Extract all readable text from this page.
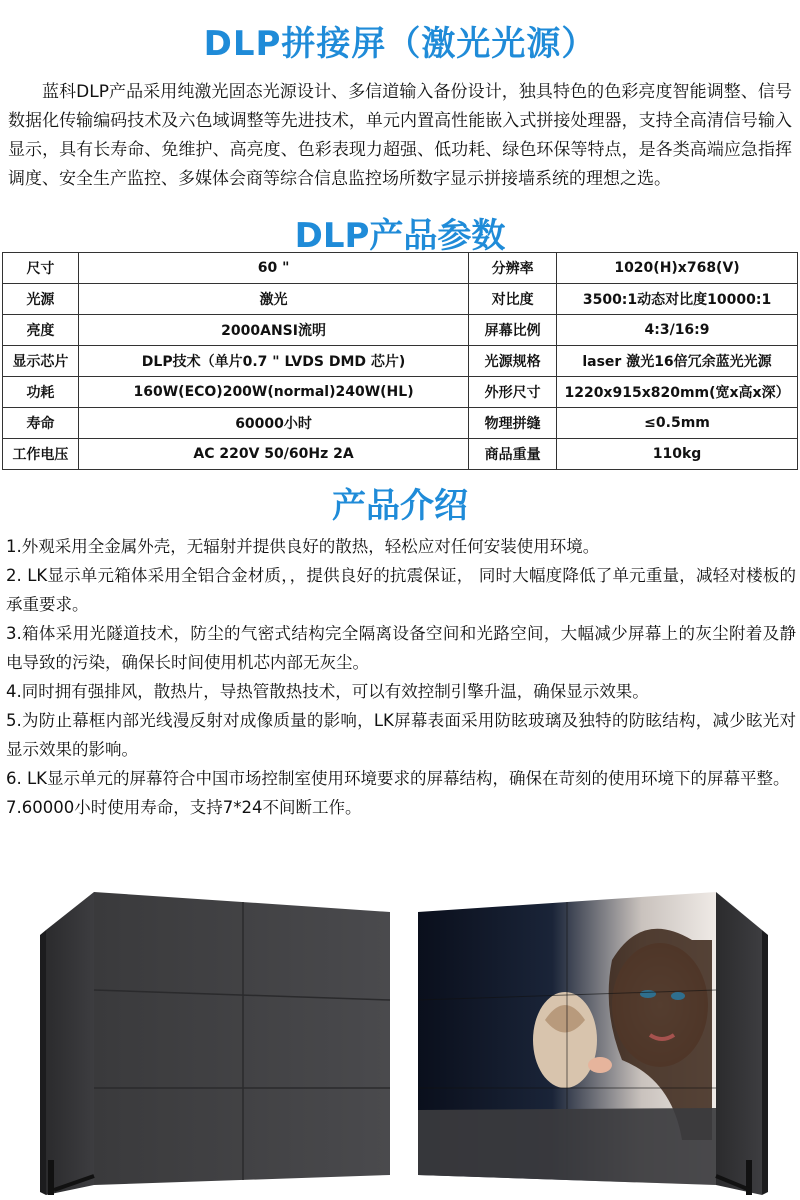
DLP拼接屏（激光光源）

蓝科DLP产品采用纯激光固态光源设计、多信道输入备份设计，独具特色的色彩亮度智能调整、信号数据化传输编码技术及六色域调整等先进技术，单元内置高性能嵌入式拼接处理器，支持全高清信号输入显示，具有长寿命、免维护、高亮度、色彩表现力超强、低功耗、绿色环保等特点，是各类高端应急指挥调度、安全生产监控、多媒体会商等综合信息监控场所数字显示拼接墙系统的理想之选。

DLP产品参数
尺寸	60 "	分辨率	1020(H)x768(V)
光源	激光	对比度	3500:1动态对比度10000:1
亮度	2000ANSI流明	屏幕比例	4:3/16:9
显示芯片	DLP技术（单片0.7 " LVDS DMD 芯片)	光源规格	laser 激光16倍冗余蓝光光源
功耗	160W(ECO)200W(normal)240W(HL)	外形尺寸	1220x915x820mm(宽x高x深）
寿命	60000小时	物理拼缝	≤0.5mm
工作电压	AC 220V 50/60Hz 2A	商品重量	110kg
产品介绍

1.外观采用全金属外壳，无辐射并提供良好的散热，轻松应对任何安装使用环境。

2. LK显示单元箱体采用全铝合金材质，，提供良好的抗震保证， 同时大幅度降低了单元重量，减轻对楼板的承重要求。

3.箱体采用光隧道技术，防尘的气密式结构完全隔离设备空间和光路空间，大幅减少屏幕上的灰尘附着及静电导致的污染，确保长时间使用机芯内部无灰尘。

4.同时拥有强排风，散热片，导热管散热技术，可以有效控制引擎升温，确保显示效果。

5.为防止幕框内部光线漫反射对成像质量的影响，LK屏幕表面采用防眩玻璃及独特的防眩结构，减少眩光对显示效果的影响。

6. LK显示单元的屏幕符合中国市场控制室使用环境要求的屏幕结构，确保在苛刻的使用环境下的屏幕平整。

7.60000小时使用寿命，支持7*24不间断工作。
